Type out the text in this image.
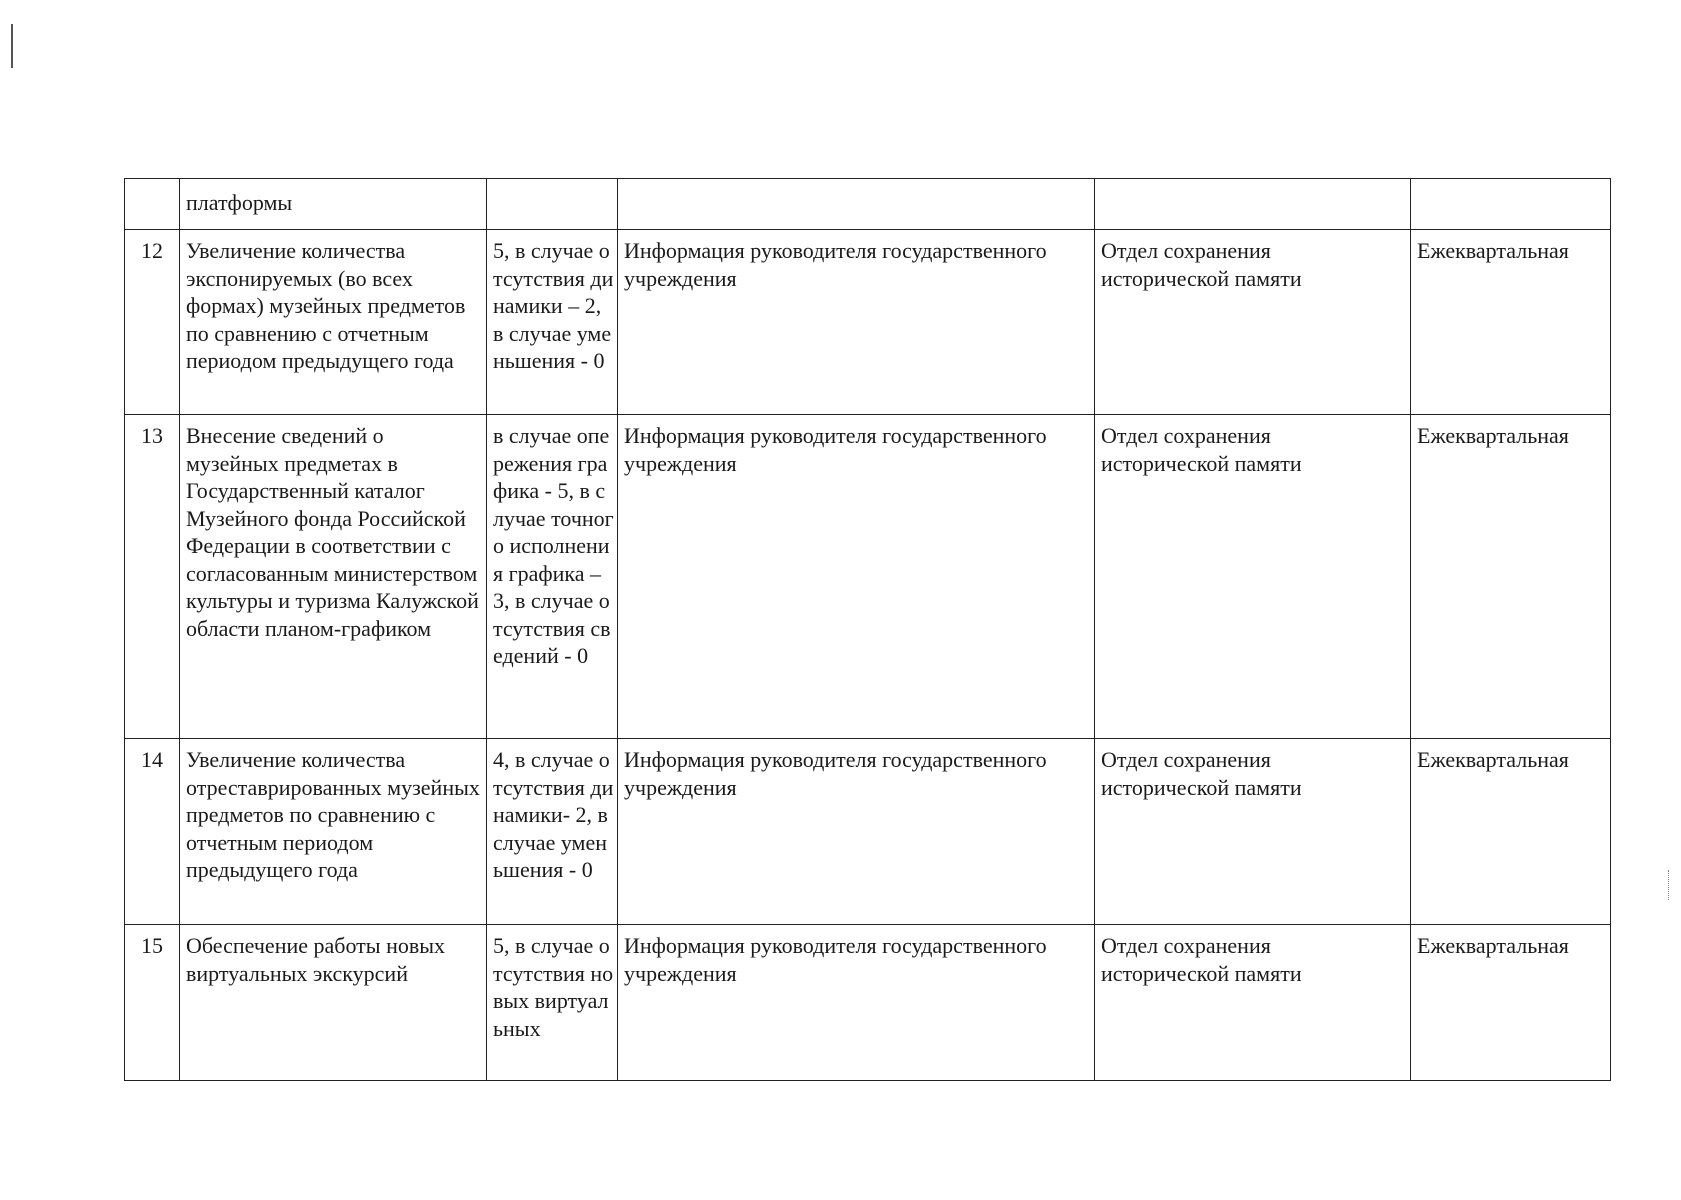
	платформы				
12	Увеличение количества экспонируемых (во всех формах) музейных предметов по сравнению с отчетным периодом предыдущего года	5, в случае отсутствия динамики – 2, в случае уменьшения - 0	Информация руководителя государственного учреждения	Отдел сохранения исторической памяти	Ежеквартальная
13	Внесение сведений о музейных предметах в Государственный каталог Музейного фонда Российской Федерации в соответствии с согласованным министерством культуры и туризма Калужской области планом-графиком	в случае опережения графика - 5, в случае точного исполнения графика – 3, в случае отсутствия сведений - 0	Информация руководителя государственного учреждения	Отдел сохранения исторической памяти	Ежеквартальная
14	Увеличение количества отреставрированных музейных предметов по сравнению с отчетным периодом предыдущего года	4, в случае отсутствия динамики- 2, в случае уменьшения - 0	Информация руководителя государственного учреждения	Отдел сохранения исторической памяти	Ежеквартальная
15	Обеспечение работы новых виртуальных экскурсий	5, в случае отсутствия новых виртуальных	Информация руководителя государственного учреждения	Отдел сохранения исторической памяти	Ежеквартальная
